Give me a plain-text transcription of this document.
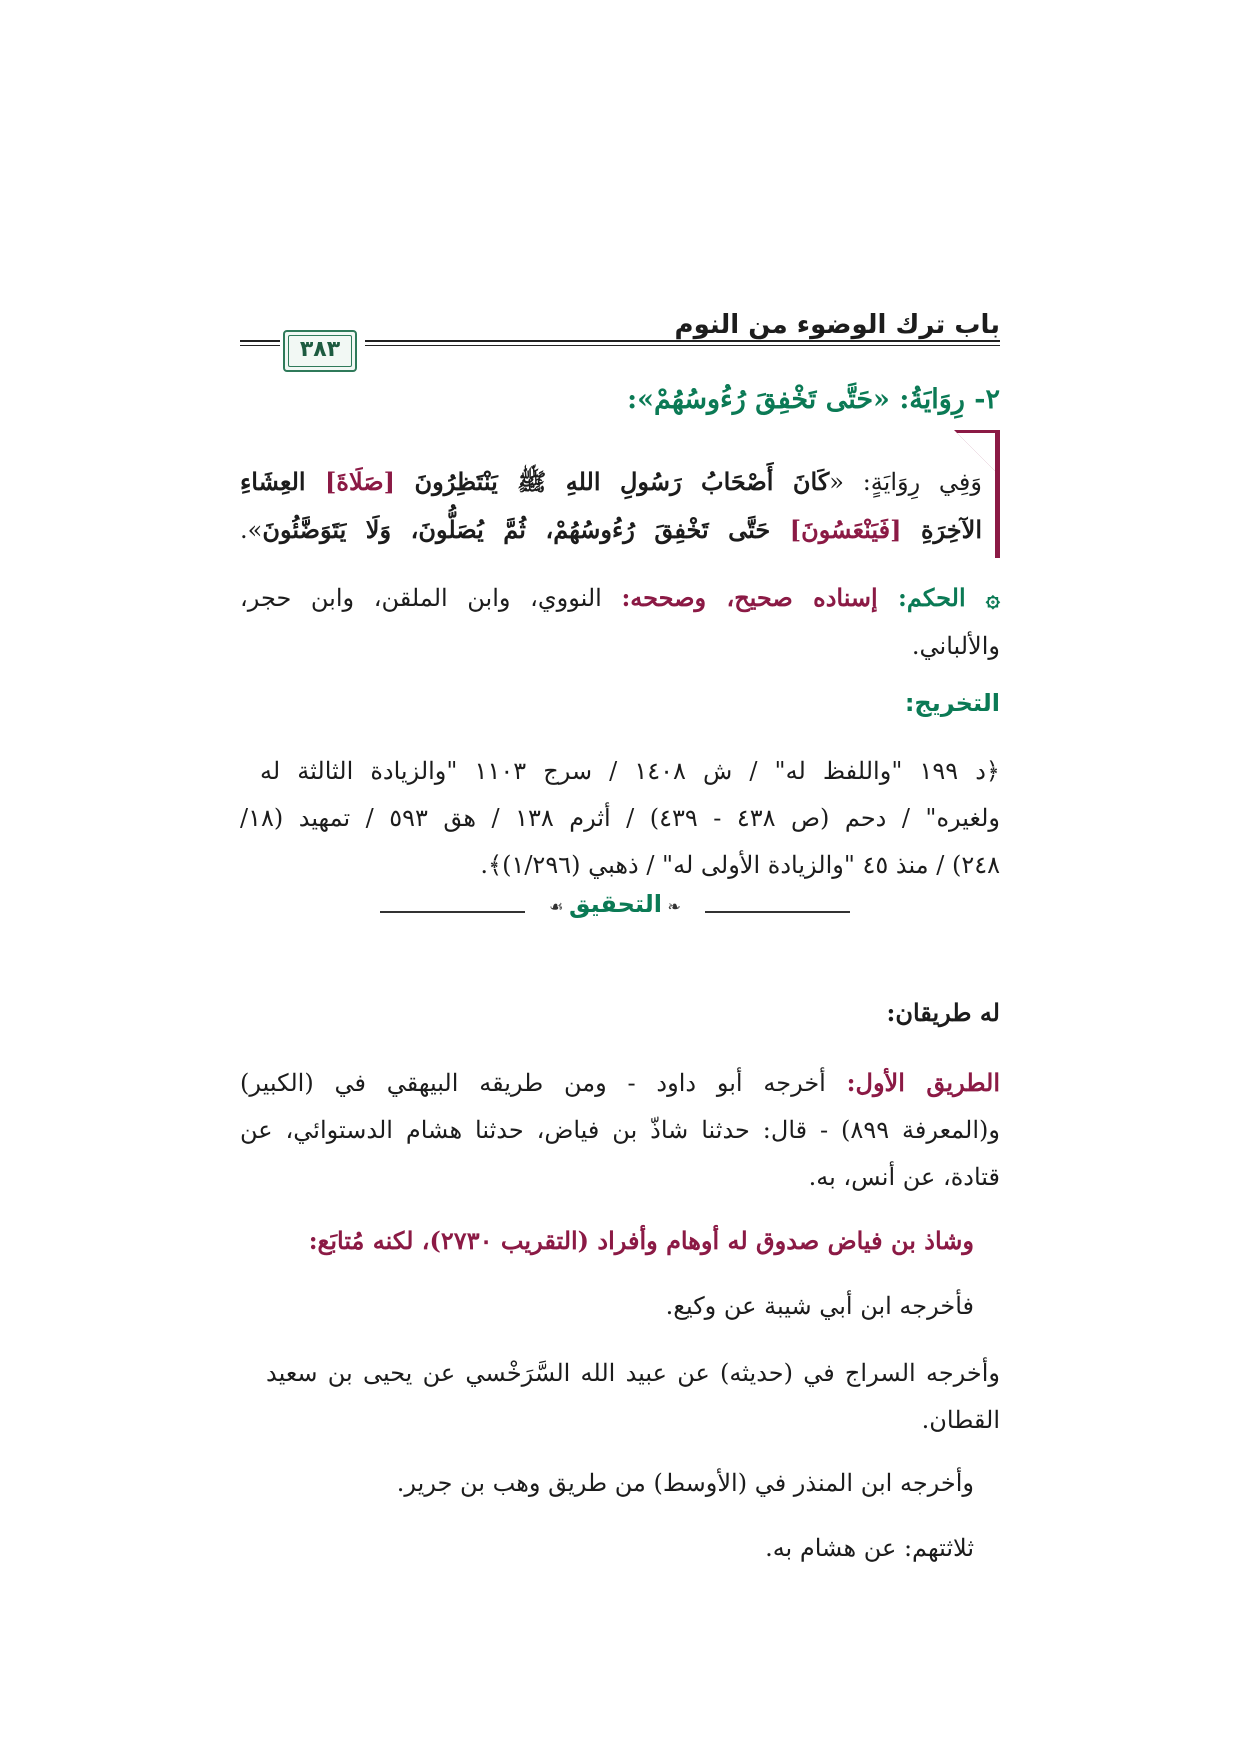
باب ترك الوضوء من النوم
٣٨٣
٢- رِوَايَةُ: «حَتَّى تَخْفِقَ رُءُوسُهُمْ»:
وَفِي رِوَايَةٍ: «كَانَ أَصْحَابُ رَسُولِ اللهِ ﷺ يَنْتَظِرُونَ [صَلَاةَ] العِشَاءِ
الآخِرَةِ [فَيَنْعَسُونَ] حَتَّى تَخْفِقَ رُءُوسُهُمْ، ثُمَّ يُصَلُّونَ، وَلَا يَتَوَضَّئُونَ».
۞ الحكم: إسناده صحيح، وصححه: النووي، وابن الملقن، وابن حجر،
والألباني.
التخريج:
﴿د ١٩٩ "واللفظ له" / ش ١٤٠٨ / سرج ١١٠٣ "والزيادة الثالثة له
ولغيره" / دحم (ص ٤٣٨ - ٤٣٩) / أثرم ١٣٨ / هق ٥٩٣ / تمهيد (١٨/
٢٤٨) / منذ ٤٥ "والزيادة الأولى له" / ذهبي (١/٢٩٦)﴾.
❧ التحقيق ☙
له طريقان:
الطريق الأول: أخرجه أبو داود - ومن طريقه البيهقي في (الكبير)
و(المعرفة ٨٩٩) - قال: حدثنا شاذّ بن فياض، حدثنا هشام الدستوائي، عن
قتادة، عن أنس، به.
وشاذ بن فياض صدوق له أوهام وأفراد (التقريب ٢٧٣٠)، لكنه مُتابَع:
فأخرجه ابن أبي شيبة عن وكيع.
وأخرجه السراج في (حديثه) عن عبيد الله السَّرَخْسي عن يحيى بن سعيد
القطان.
وأخرجه ابن المنذر في (الأوسط) من طريق وهب بن جرير.
ثلاثتهم: عن هشام به.
